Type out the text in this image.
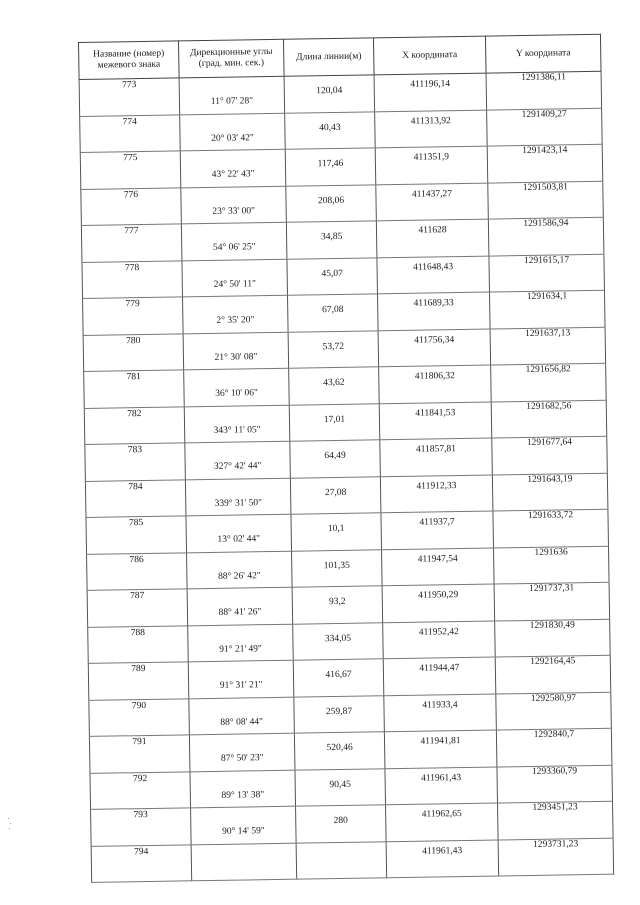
Название (номер) межевого знака	Дирекционные углы (град. мин. сек.)	Длина линии(м)	X координата	Y координата

773	11° 07' 28"	120,04	411196,14	1291386,11

774	20° 03' 42"	40,43	411313,92	1291409,27

775	43° 22' 43"	117,46	411351,9	1291423,14

776	23° 33' 00"	208,06	411437,27	1291503,81

777	54° 06' 25"	34,85	411628	1291586,94

778	24° 50' 11"	45,07	411648,43	1291615,17

779	2° 35' 20"	67,08	411689,33	1291634,1

780	21° 30' 08"	53,72	411756,34	1291637,13

781	36° 10' 06"	43,62	411806,32	1291656,82

782	343° 11' 05"	17,01	411841,53	1291682,56

783	327° 42' 44"	64,49	411857,81	1291677,64

784	339° 31' 50"	27,08	411912,33	1291643,19

785	13° 02' 44"	10,1	411937,7	1291633,72

786	88° 26' 42"	101,35	411947,54	1291636

787	88° 41' 26"	93,2	411950,29	1291737,31

788	91° 21' 49"	334,05	411952,42	1291830,49

789	91° 31' 21"	416,67	411944,47	1292164,45

790	88° 08' 44"	259,87	411933,4	1292580,97

791	87° 50' 23"	520,46	411941,81	1292840,7

792	89° 13' 38"	90,45	411961,43	1293360,79

793	90° 14' 59"	280	411962,65	1293451,23

794			411961,43	1293731,23
